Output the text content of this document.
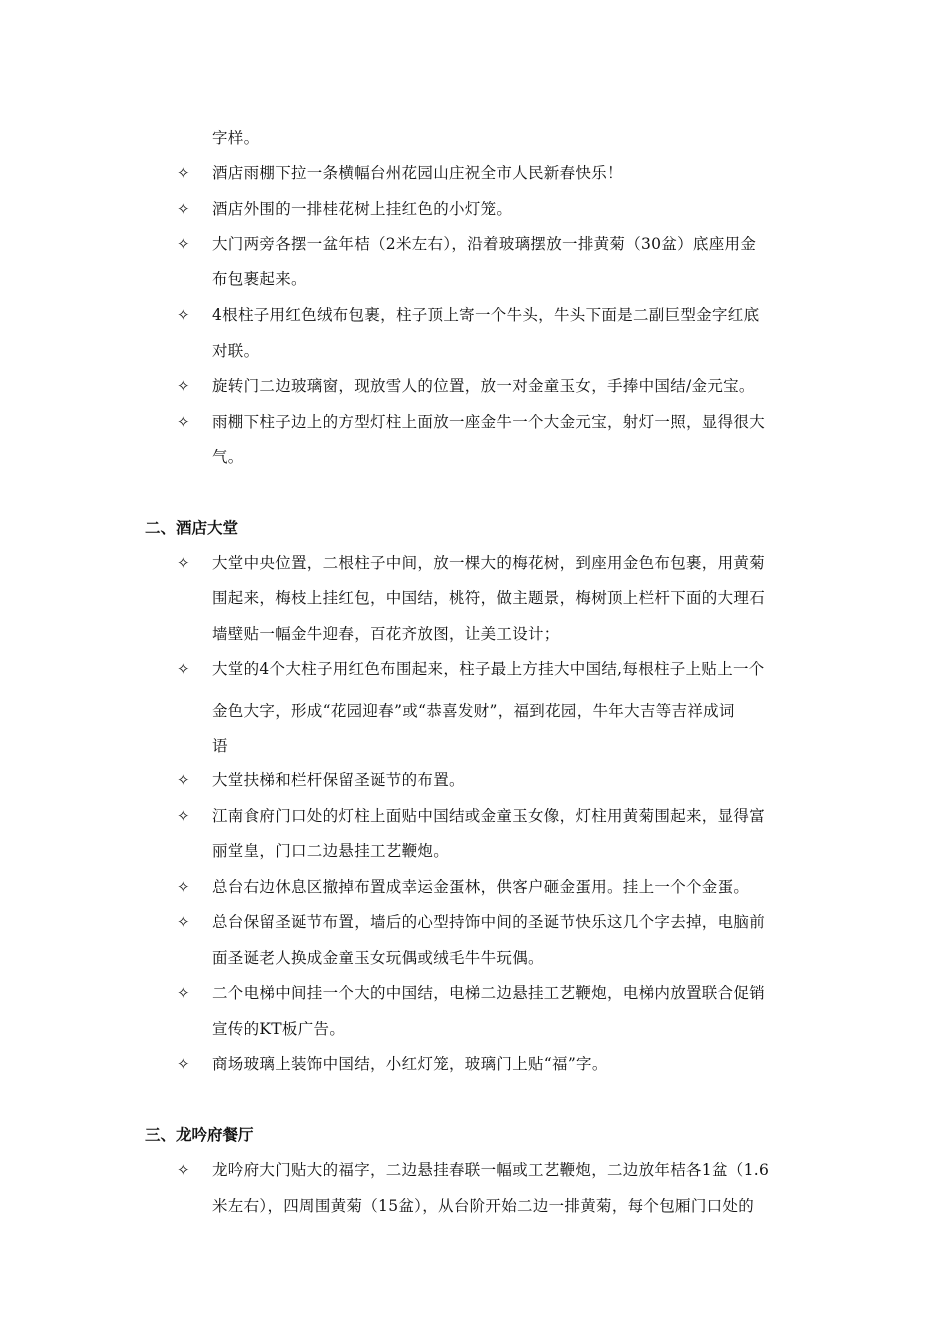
字样。
✧	酒店雨棚下拉一条横幅台州花园山庄祝全市人民新春快乐！
✧	酒店外围的一排桂花树上挂红色的小灯笼。
✧	大门两旁各摆一盆年桔（2米左右），沿着玻璃摆放一排黄菊（30盆）底座用金
布包裹起来。
✧	4根柱子用红色绒布包裹，柱子顶上寄一个牛头，牛头下面是二副巨型金字红底
对联。
✧	旋转门二边玻璃窗，现放雪人的位置，放一对金童玉女，手捧中国结/金元宝。
✧	雨棚下柱子边上的方型灯柱上面放一座金牛一个大金元宝，射灯一照，显得很大
气。
二、酒店大堂
✧	大堂中央位置，二根柱子中间，放一棵大的梅花树，到座用金色布包裹，用黄菊
围起来，梅枝上挂红包，中国结，桃符，做主题景，梅树顶上栏杆下面的大理石
墙壁贴一幅金牛迎春，百花齐放图，让美工设计；
✧	大堂的4个大柱子用红色布围起来，柱子最上方挂大中国结,每根柱子上贴上一个
金色大字，形成“花园迎春”或“恭喜发财”，福到花园，牛年大吉等吉祥成词
语
✧	大堂扶梯和栏杆保留圣诞节的布置。
✧	江南食府门口处的灯柱上面贴中国结或金童玉女像，灯柱用黄菊围起来，显得富
丽堂皇，门口二边悬挂工艺鞭炮。
✧	总台右边休息区撤掉布置成幸运金蛋林，供客户砸金蛋用。挂上一个个金蛋。
✧	总台保留圣诞节布置，墙后的心型持饰中间的圣诞节快乐这几个字去掉，电脑前
面圣诞老人换成金童玉女玩偶或绒毛牛牛玩偶。
✧	二个电梯中间挂一个大的中国结，电梯二边悬挂工艺鞭炮，电梯内放置联合促销
宣传的KT板广告。
✧	商场玻璃上装饰中国结，小红灯笼，玻璃门上贴“福”字。
三、龙吟府餐厅
✧	龙吟府大门贴大的福字，二边悬挂春联一幅或工艺鞭炮，二边放年桔各1盆（1.6
米左右），四周围黄菊（15盆），从台阶开始二边一排黄菊，每个包厢门口处的
